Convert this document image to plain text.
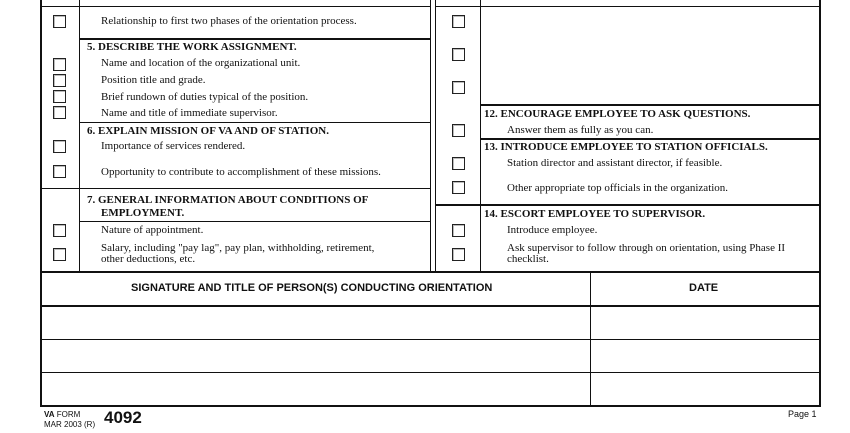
Relationship to first two phases of the orientation process.
5. DESCRIBE THE WORK ASSIGNMENT.
Name and location of the organizational unit.
Position title and grade.
Brief rundown of duties typical of the position.
Name and title of immediate supervisor.
6. EXPLAIN MISSION OF VA AND OF STATION.
Importance of services rendered.
Opportunity to contribute to accomplishment of these missions.
7. GENERAL INFORMATION ABOUT CONDITIONS OF
EMPLOYMENT.
Nature of appointment.
Salary, including "pay lag", pay plan, withholding, retirement,
other deductions, etc.
12. ENCOURAGE EMPLOYEE TO ASK QUESTIONS.
Answer them as fully as you can.
13. INTRODUCE EMPLOYEE TO STATION OFFICIALS.
Station director and assistant director, if feasible.
Other appropriate top officials in the organization.
14. ESCORT EMPLOYEE TO SUPERVISOR.
Introduce employee.
Ask supervisor to follow through on orientation, using Phase II
checklist.
SIGNATURE AND TITLE OF PERSON(S) CONDUCTING ORIENTATION	DATE
VA FORM
MAR 2003 (R) 4092	Page 1
